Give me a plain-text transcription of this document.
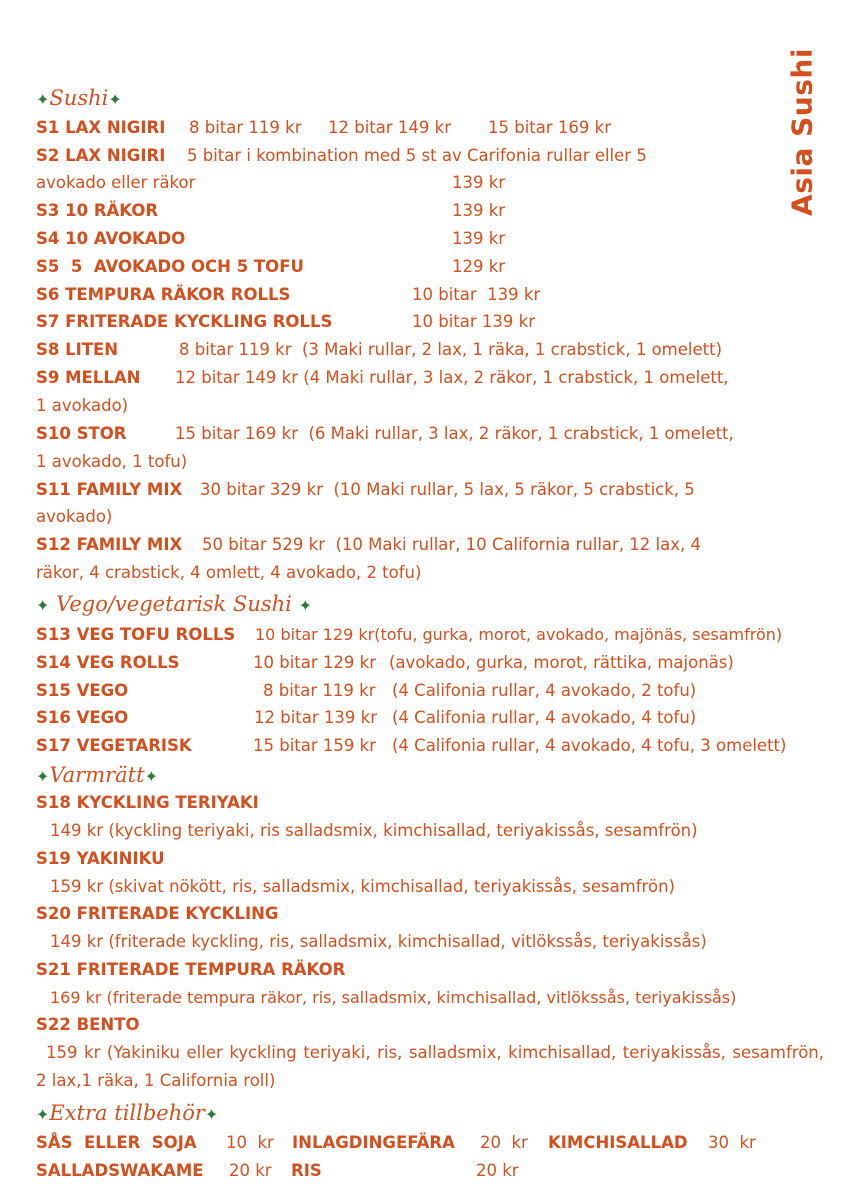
Asia Sushi
✦Sushi✦
S1 LAX NIGIRI 8 bitar 119 kr 12 bitar 149 kr 15 bitar 169 kr
S2 LAX NIGIRI 5 bitar i kombination med 5 st av Carifonia rullar eller 5
avokado eller räkor	139 kr
S3 10 RÄKOR	139 kr
S4 10 AVOKADO	139 kr
S5  5  AVOKADO OCH 5 TOFU	129 kr
S6 TEMPURA RÄKOR ROLLS	10 bitar  139 kr
S7 FRITERADE KYCKLING ROLLS	10 bitar 139 kr
S8 LITEN	8 bitar 119 kr  (3 Maki rullar, 2 lax, 1 räka, 1 crabstick, 1 omelett)
S9 MELLAN 12 bitar 149 kr (4 Maki rullar, 3 lax, 2 räkor, 1 crabstick, 1 omelett,
1 avokado)
S10 STOR	15 bitar 169 kr  (6 Maki rullar, 3 lax, 2 räkor, 1 crabstick, 1 omelett,
1 avokado, 1 tofu)
S11 FAMILY MIX 30 bitar 329 kr  (10 Maki rullar, 5 lax, 5 räkor, 5 crabstick, 5
avokado)
S12 FAMILY MIX 50 bitar 529 kr  (10 Maki rullar, 10 California rullar, 12 lax, 4
räkor, 4 crabstick, 4 omlett, 4 avokado, 2 tofu)
✦ Vego/vegetarisk Sushi ✦
S13 VEG TOFU ROLLS 10 bitar 129 kr(tofu, gurka, morot, avokado, majönäs, sesamfrön)
S14 VEG ROLLS	10 bitar 129 kr (avokado, gurka, morot, rättika, majonäs)
S15 VEGO	8 bitar 119 kr (4 Califonia rullar, 4 avokado, 2 tofu)
S16 VEGO	12 bitar 139 kr (4 Califonia rullar, 4 avokado, 4 tofu)
S17 VEGETARISK	15 bitar 159 kr (4 Califonia rullar, 4 avokado, 4 tofu, 3 omelett)
✦Varmrätt✦
S18 KYCKLING TERIYAKI
149 kr (kyckling teriyaki, ris salladsmix, kimchisallad, teriyakissås, sesamfrön)
S19 YAKINIKU
159 kr (skivat nökött, ris, salladsmix, kimchisallad, teriyakissås, sesamfrön)
S20 FRITERADE KYCKLING
149 kr (friterade kyckling, ris, salladsmix, kimchisallad, vitlökssås, teriyakissås)
S21 FRITERADE TEMPURA RÄKOR
169 kr (friterade tempura räkor, ris, salladsmix, kimchisallad, vitlökssås, teriyakissås)
S22 BENTO
159 kr (Yakiniku eller kyckling teriyaki, ris, salladsmix, kimchisallad, teriyakissås, sesamfrön, 2 lax,1 räka, 1 California roll)
✦Extra tillbehör✦
SÅS  ELLER  SOJA 10  kr INLAGDINGEFÄRA 20  kr KIMCHISALLAD 30  kr
SALLADSWAKAME 20 kr RIS	20 kr
